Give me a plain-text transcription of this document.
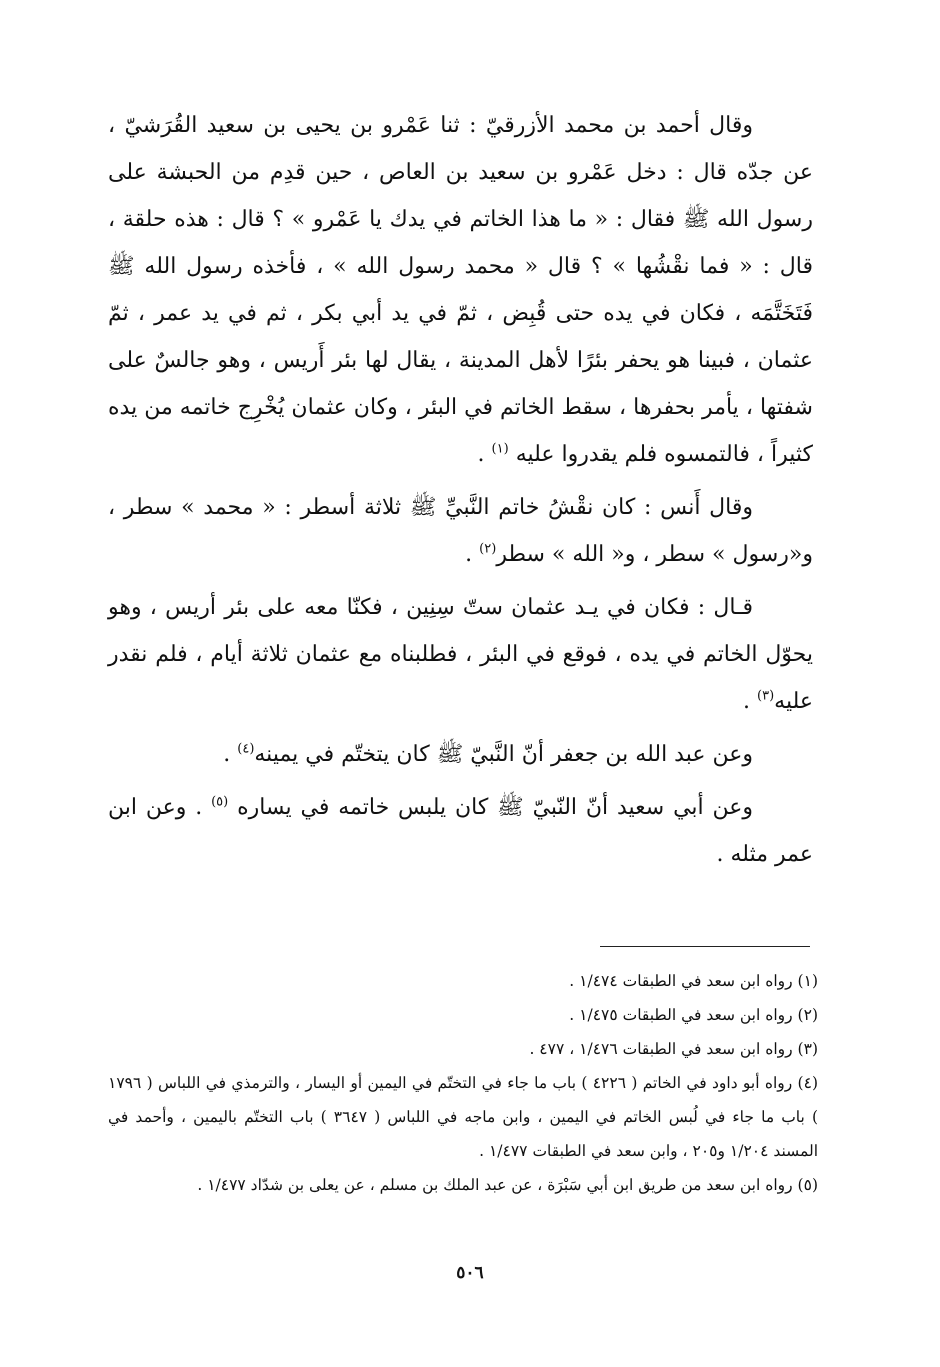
وقال أحمد بن محمد الأزرقيّ : ثنا عَمْرو بن يحيى بن سعيد القُرَشيّ ، عن جدّه قال : دخل عَمْرو بن سعيد بن العاص ، حين قدِم من الحبشة على رسول الله ﷺ فقال : « ما هذا الخاتم في يدك يا عَمْرو » ؟ قال : هذه حلقة ، قال : « فما نقْشُها » ؟ قال « محمد رسول الله » ، فأخذه رسول الله ﷺ فَتَخَتَّمَه ، فكان في يده حتى قُبِض ، ثمّ في يد أبي بكر ، ثم في يد عمر ، ثمّ عثمان ، فبينا هو يحفر بئرًا لأهل المدينة ، يقال لها بئر أَريس ، وهو جالسٌ على شفتها ، يأمر بحفرها ، سقط الخاتم في البئر ، وكان عثمان يُخْرِج خاتمه من يده كثيراً ، فالتمسوه فلم يقدروا عليه $^{(١)}$ .

وقال أَنس : كان نقْشُ خاتم النَّبيِّ ﷺ ثلاثة أسطر : « محمد » سطر ، و«رسول » سطر ، و« الله » سطر$^{(٢)}$ .

قـال : فكان في يـد عثمان ستّ سِنِين ، فكنّا معه على بئر أريس ، وهو يحوّل الخاتم في يده ، فوقع في البئر ، فطلبناه مع عثمان ثلاثة أيام ، فلم نقدر عليه$^{(٣)}$ .

وعن عبد الله بن جعفر أنّ النَّبيّ ﷺ كان يتختّم في يمينه$^{(٤)}$ .

وعن أبي سعيد أنّ النّبيّ ﷺ كان يلبس خاتمه في يساره $^{(٥)}$ . وعن ابن عمر مثله .

(١) رواه ابن سعد في الطبقات ١/٤٧٤ .

(٢) رواه ابن سعد في الطبقات ١/٤٧٥ .

(٣) رواه ابن سعد في الطبقات ١/٤٧٦ ، ٤٧٧ .

(٤) رواه أبو داود في الخاتم ( ٤٢٢٦ ) باب ما جاء في التختّم في اليمين أو اليسار ، والترمذي في اللباس ( ١٧٩٦ ) باب ما جاء في لُبس الخاتم في اليمين ، وابن ماجه في اللباس ( ٣٦٤٧ ) باب التختّم باليمين ، وأحمد في المسند ١/٢٠٤ و٢٠٥ ، وابن سعد في الطبقات ١/٤٧٧ .

(٥) رواه ابن سعد من طريق ابن أبي سَبْرَة ، عن عبد الملك بن مسلم ، عن يعلى بن شدّاد ١/٤٧٧ .

٥٠٦
